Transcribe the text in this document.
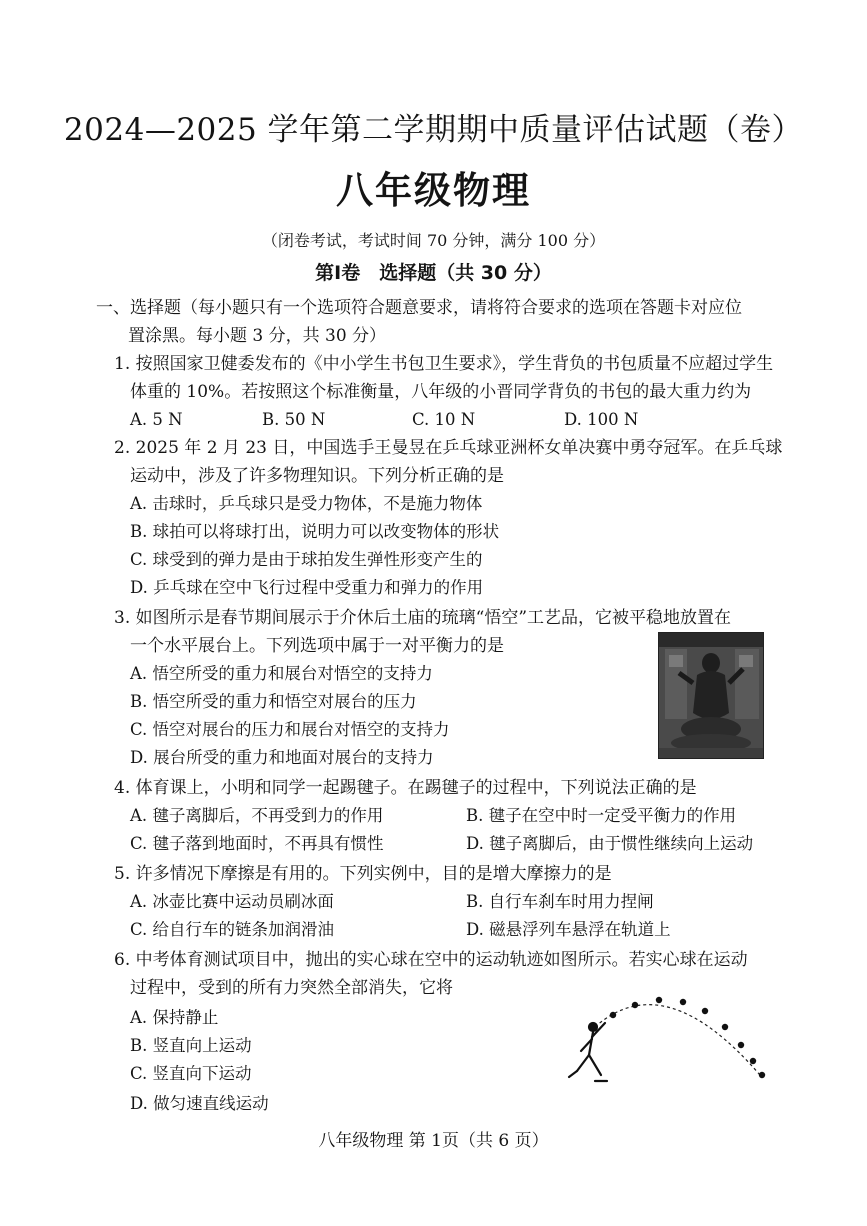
2024—2025 学年第二学期期中质量评估试题（卷）
八年级物理
（闭卷考试，考试时间 70 分钟，满分 100 分）
第Ⅰ卷　选择题（共 30 分）
一、选择题（每小题只有一个选项符合题意要求，请将符合要求的选项在答题卡对应位
置涂黑。每小题 3 分，共 30 分）
1. 按照国家卫健委发布的《中小学生书包卫生要求》，学生背负的书包质量不应超过学生
体重的 10%。若按照这个标准衡量，八年级的小晋同学背负的书包的最大重力约为
A. 5 N	B. 50 N	C. 10 N	D. 100 N
2. 2025 年 2 月 23 日，中国选手王曼昱在乒乓球亚洲杯女单决赛中勇夺冠军。在乒乓球
运动中，涉及了许多物理知识。下列分析正确的是
A. 击球时，乒乓球只是受力物体，不是施力物体
B. 球拍可以将球打出，说明力可以改变物体的形状
C. 球受到的弹力是由于球拍发生弹性形变产生的
D. 乒乓球在空中飞行过程中受重力和弹力的作用
3. 如图所示是春节期间展示于介休后土庙的琉璃“悟空”工艺品，它被平稳地放置在
一个水平展台上。下列选项中属于一对平衡力的是
A. 悟空所受的重力和展台对悟空的支持力
B. 悟空所受的重力和悟空对展台的压力
C. 悟空对展台的压力和展台对悟空的支持力
D. 展台所受的重力和地面对展台的支持力
4. 体育课上，小明和同学一起踢毽子。在踢毽子的过程中，下列说法正确的是
A. 毽子离脚后，不再受到力的作用	B. 毽子在空中时一定受平衡力的作用
C. 毽子落到地面时，不再具有惯性	D. 毽子离脚后，由于惯性继续向上运动
5. 许多情况下摩擦是有用的。下列实例中，目的是增大摩擦力的是
A. 冰壶比赛中运动员刷冰面	B. 自行车刹车时用力捏闸
C. 给自行车的链条加润滑油	D. 磁悬浮列车悬浮在轨道上
6. 中考体育测试项目中，抛出的实心球在空中的运动轨迹如图所示。若实心球在运动
过程中，受到的所有力突然全部消失，它将
A. 保持静止
B. 竖直向上运动
C. 竖直向下运动
D. 做匀速直线运动
八年级物理 第 1页（共 6 页）
